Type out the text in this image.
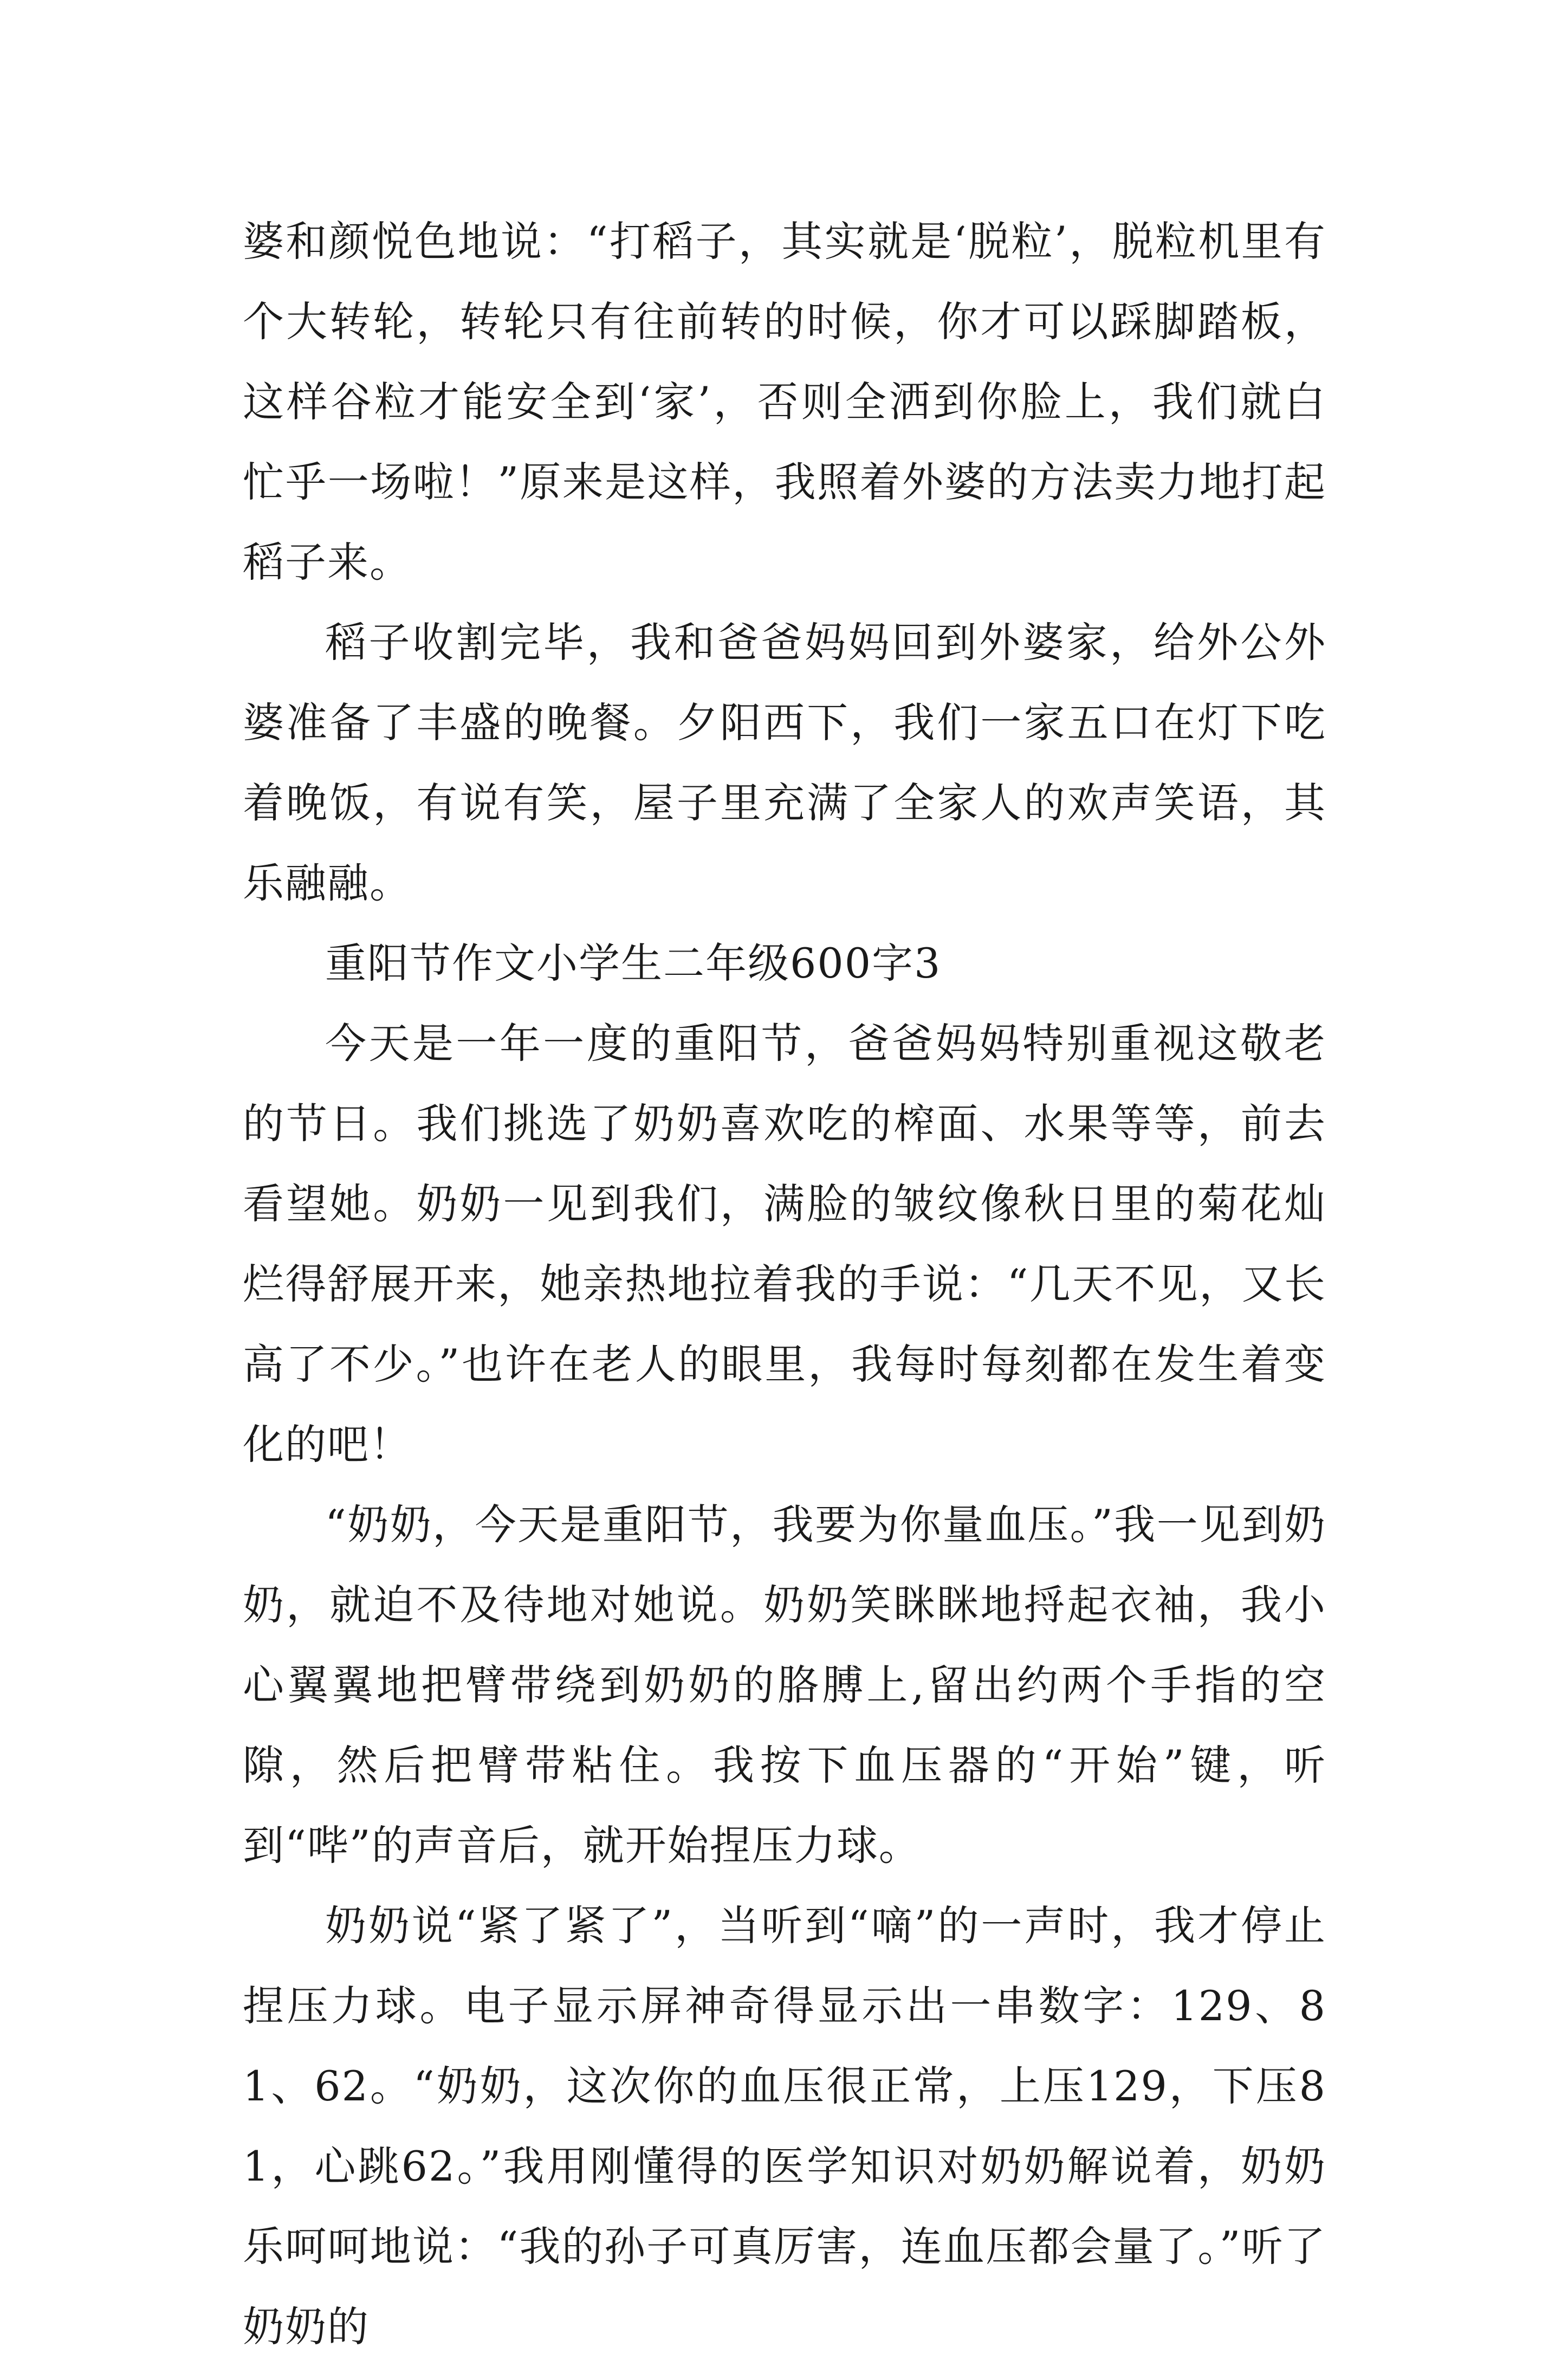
婆和颜悦色地说：“打稻子，其实就是‘脱粒’，脱粒机里有个大转轮，转轮只有往前转的时候，你才可以踩脚踏板，这样谷粒才能安全到‘家’，否则全洒到你脸上，我们就白忙乎一场啦！”原来是这样，我照着外婆的方法卖力地打起稻子来。

稻子收割完毕，我和爸爸妈妈回到外婆家，给外公外婆准备了丰盛的晚餐。夕阳西下，我们一家五口在灯下吃着晚饭，有说有笑，屋子里充满了全家人的欢声笑语，其乐融融。

重阳节作文小学生二年级600字3

今天是一年一度的重阳节，爸爸妈妈特别重视这敬老的节日。我们挑选了奶奶喜欢吃的榨面、水果等等，前去看望她。奶奶一见到我们，满脸的皱纹像秋日里的菊花灿烂得舒展开来，她亲热地拉着我的手说：“几天不见，又长高了不少。”也许在老人的眼里，我每时每刻都在发生着变化的吧！

“奶奶，今天是重阳节，我要为你量血压。”我一见到奶奶，就迫不及待地对她说。奶奶笑眯眯地捋起衣袖，我小心翼翼地把臂带绕到奶奶的胳膊上,留出约两个手指的空隙，然后把臂带粘住。我按下血压器的“开始”键，听到“哔”的声音后，就开始捏压力球。

奶奶说“紧了紧了”，当听到“嘀”的一声时，我才停止捏压力球。电子显示屏神奇得显示出一串数字：129、81、62。“奶奶，这次你的血压很正常，上压129，下压81，心跳62。”我用刚懂得的医学知识对奶奶解说着，奶奶乐呵呵地说：“我的孙子可真厉害，连血压都会量了。”听了奶奶的
